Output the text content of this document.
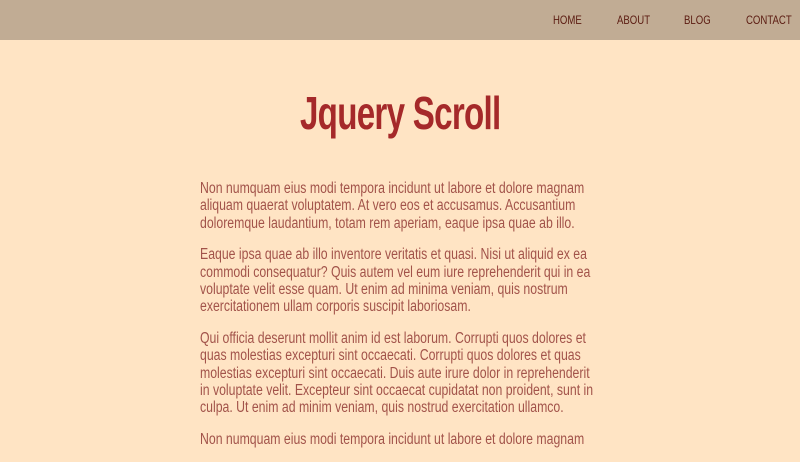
HOME	ABOUT	BLOG	CONTACT
Jquery Scroll

Non numquam eius modi tempora incidunt ut labore et dolore magnam aliquam quaerat voluptatem. At vero eos et accusamus. Accusantium doloremque laudantium, totam rem aperiam, eaque ipsa quae ab illo.

Eaque ipsa quae ab illo inventore veritatis et quasi. Nisi ut aliquid ex ea commodi consequatur? Quis autem vel eum iure reprehenderit qui in ea voluptate velit esse quam. Ut enim ad minima veniam, quis nostrum exercitationem ullam corporis suscipit laboriosam.

Qui officia deserunt mollit anim id est laborum. Corrupti quos dolores et quas molestias excepturi sint occaecati. Corrupti quos dolores et quas molestias excepturi sint occaecati. Duis aute irure dolor in reprehenderit in voluptate velit. Excepteur sint occaecat cupidatat non proident, sunt in culpa. Ut enim ad minim veniam, quis nostrud exercitation ullamco.

Non numquam eius modi tempora incidunt ut labore et dolore magnam
